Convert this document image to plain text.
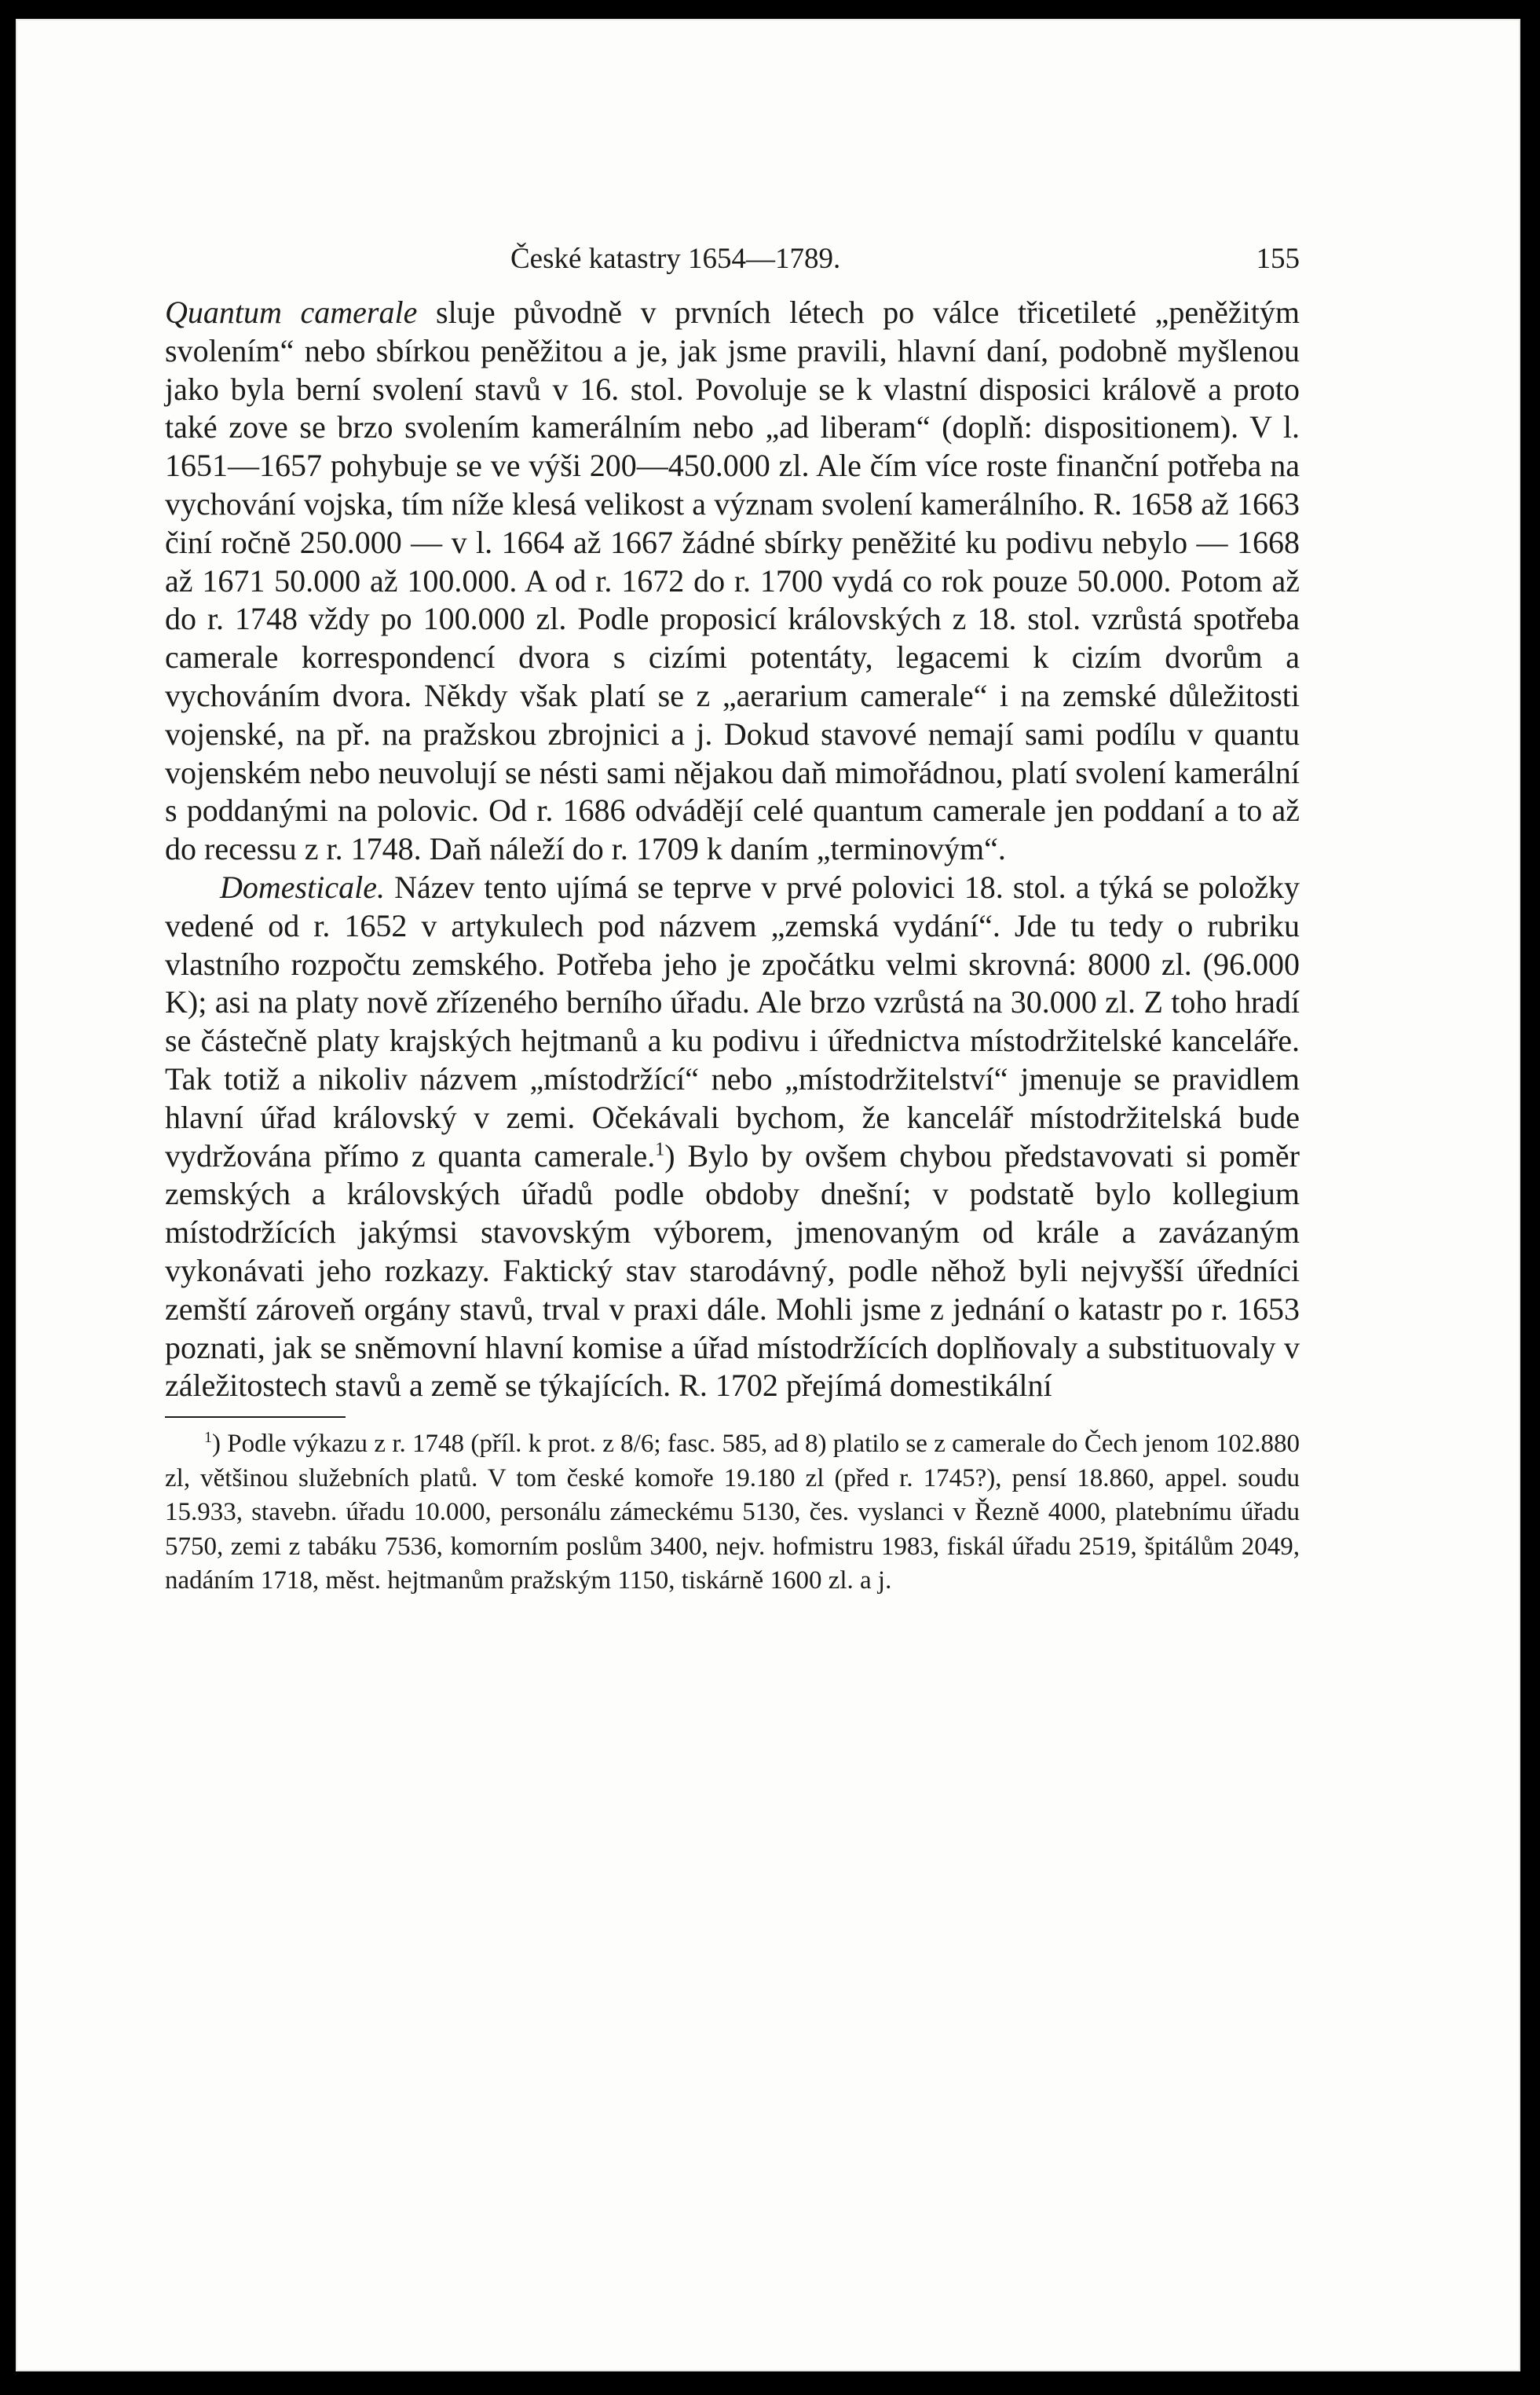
České katastry 1654—1789.	155

Quantum camerale sluje původně v prvních létech po válce třicetileté „peněžitým svolením“ nebo sbírkou peněžitou a je, jak jsme pravili, hlavní daní, podobně myšlenou jako byla berní svolení stavů v 16. stol. Povoluje se k vlastní disposici královĕ a proto také zove se brzo svolením kamerálním nebo „ad liberam“ (doplň: dispositionem). V l. 1651—1657 pohybuje se ve výši 200—450.000 zl. Ale čím více roste finanční potřeba na vychování vojska, tím níže klesá velikost a význam svolení kamerálního. R. 1658 až 1663 činí ročně 250.000 — v l. 1664 až 1667 žádné sbírky peněžité ku podivu nebylo — 1668 až 1671 50.000 až 100.000. A od r. 1672 do r. 1700 vydá co rok pouze 50.000. Potom až do r. 1748 vždy po 100.000 zl. Podle proposicí královských z 18. stol. vzrůstá spotřeba camerale korrespondencí dvora s cizími potentáty, legacemi k cizím dvorům a vychováním dvora. Někdy však platí se z „aerarium camerale“ i na zemské důležitosti vojenské, na př. na pražskou zbrojnici a j. Dokud stavové nemají sami podílu v quantu vojenském nebo neuvolují se nésti sami nějakou daň mimořádnou, platí svolení kamerální s poddanými na polovic. Od r. 1686 odvádějí celé quantum camerale jen poddaní a to až do recessu z r. 1748. Daň náleží do r. 1709 k daním „terminovým“.

Domesticale. Název tento ujímá se teprve v prvé polovici 18. stol. a týká se položky vedené od r. 1652 v artykulech pod názvem „zemská vydání“. Jde tu tedy o rubriku vlastního rozpočtu zemského. Potřeba jeho je zpočátku velmi skrovná: 8000 zl. (96.000 K); asi na platy nově zřízeného berního úřadu. Ale brzo vzrůstá na 30.000 zl. Z toho hradí se částečně platy krajských hejtmanů a ku podivu i úřednictva místodržitelské kanceláře. Tak totiž a nikoliv názvem „místodržící“ nebo „místodržitelství“ jmenuje se pravidlem hlavní úřad královský v zemi. Očekávali bychom, že kancelář místodržitelská bude vydržována přímo z quanta camerale.$^1$) Bylo by ovšem chybou představovati si poměr zemských a královských úřadů podle obdoby dnešní; v podstatě bylo kollegium místodržících jakýmsi stavovským výborem, jmenovaným od krále a zavázaným vykonávati jeho rozkazy. Faktický stav starodávný, podle něhož byli nejvyšší úředníci zemští zároveň orgány stavů, trval v praxi dále. Mohli jsme z jednání o katastr po r. 1653 poznati, jak se sněmovní hlavní komise a úřad místodržících doplňovaly a substituovaly v záležitostech stavů a země se týkajících. R. 1702 přejímá domestikální

$^1$) Podle výkazu z r. 1748 (příl. k prot. z 8/6; fasc. 585, ad 8) platilo se z camerale do Čech jenom 102.880 zl, většinou služebních platů. V tom české komoře 19.180 zl (před r. 1745?), pensí 18.860, appel. soudu 15.933, stavebn. úřadu 10.000, personálu zámeckému 5130, čes. vyslanci v Řezně 4000, platebnímu úřadu 5750, zemi z tabáku 7536, komorním poslům 3400, nejv. hofmistru 1983, fiskál úřadu 2519, špitálům 2049, nadáním 1718, měst. hejtmanům pražským 1150, tiskárně 1600 zl. a j.
